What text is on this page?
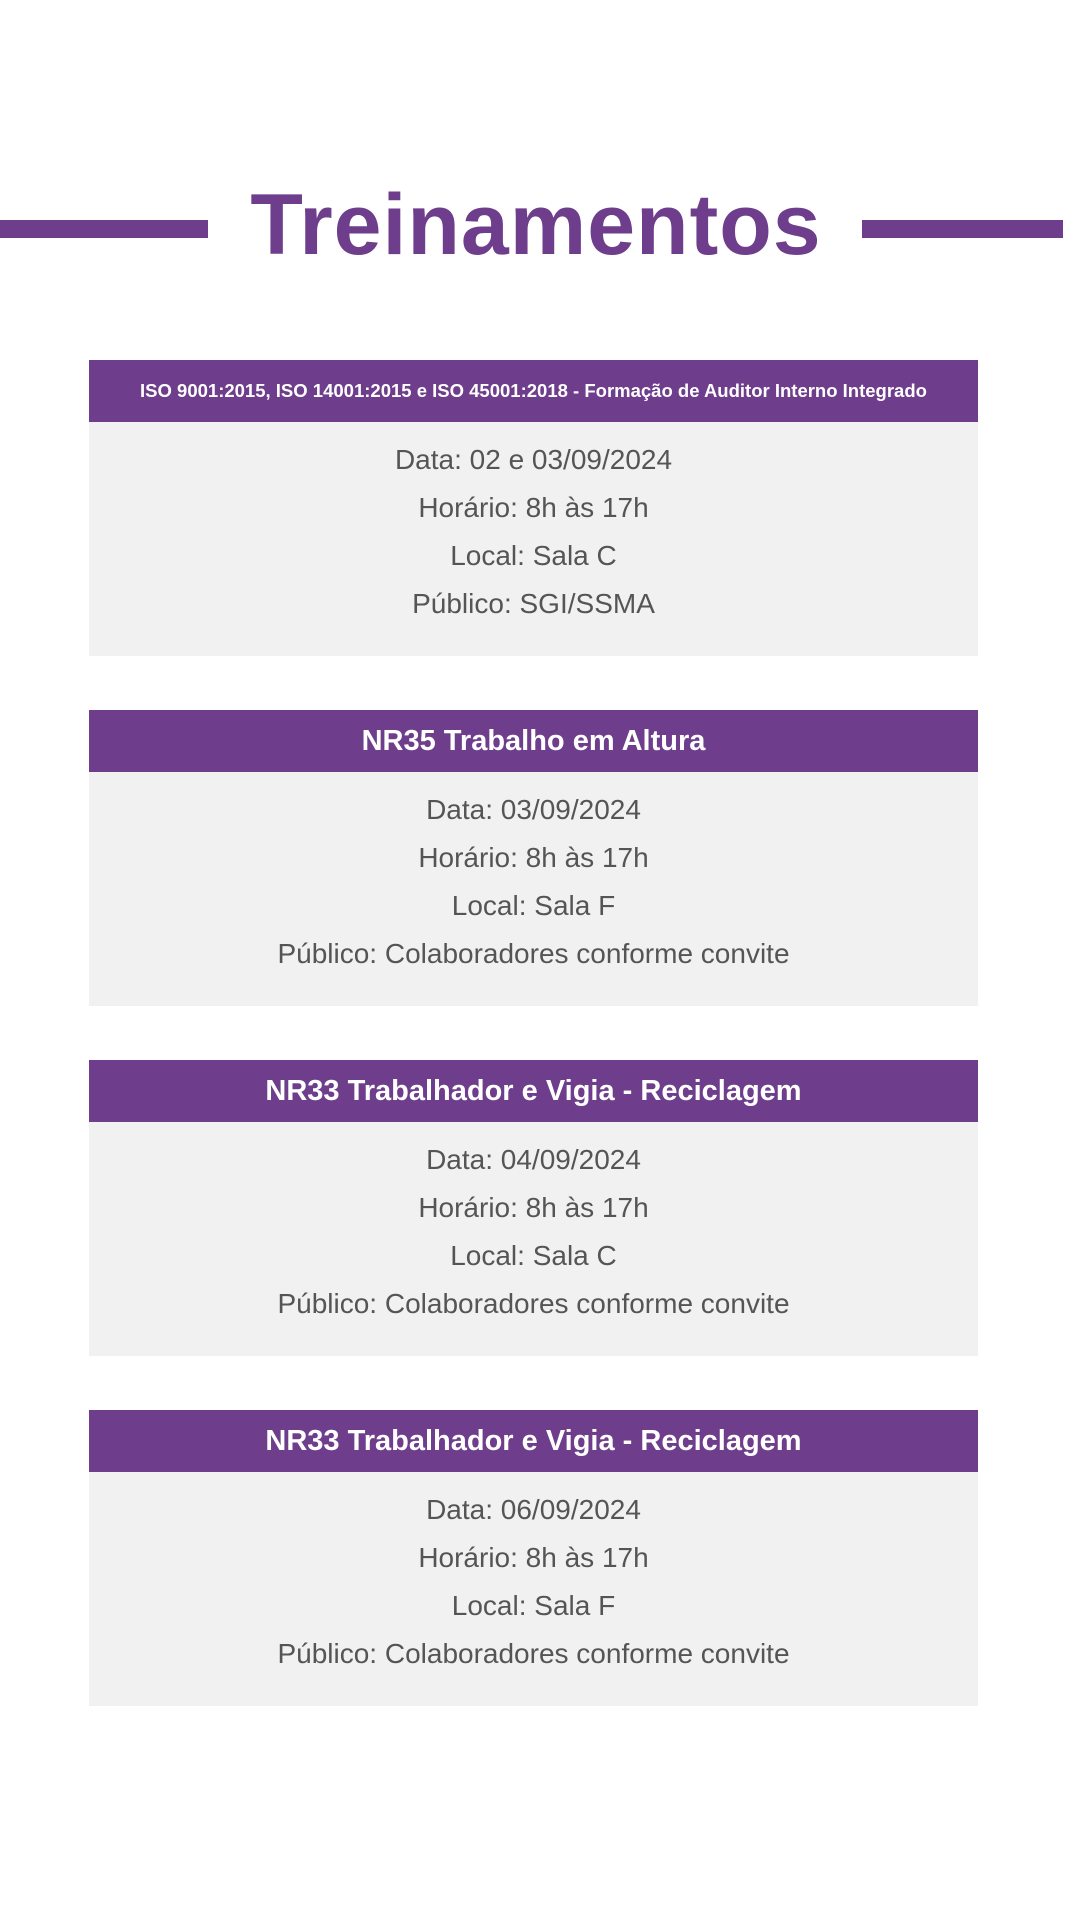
Treinamentos
ISO 9001:2015, ISO 14001:2015 e ISO 45001:2018 - Formação de Auditor Interno Integrado
Data: 02 e 03/09/2024
Horário: 8h às 17h
Local: Sala C
Público: SGI/SSMA
NR35 Trabalho em Altura
Data: 03/09/2024
Horário: 8h às 17h
Local: Sala F
Público: Colaboradores conforme convite
NR33 Trabalhador e Vigia - Reciclagem
Data: 04/09/2024
Horário: 8h às 17h
Local: Sala C
Público: Colaboradores conforme convite
NR33 Trabalhador e Vigia - Reciclagem
Data: 06/09/2024
Horário: 8h às 17h
Local: Sala F
Público: Colaboradores conforme convite
